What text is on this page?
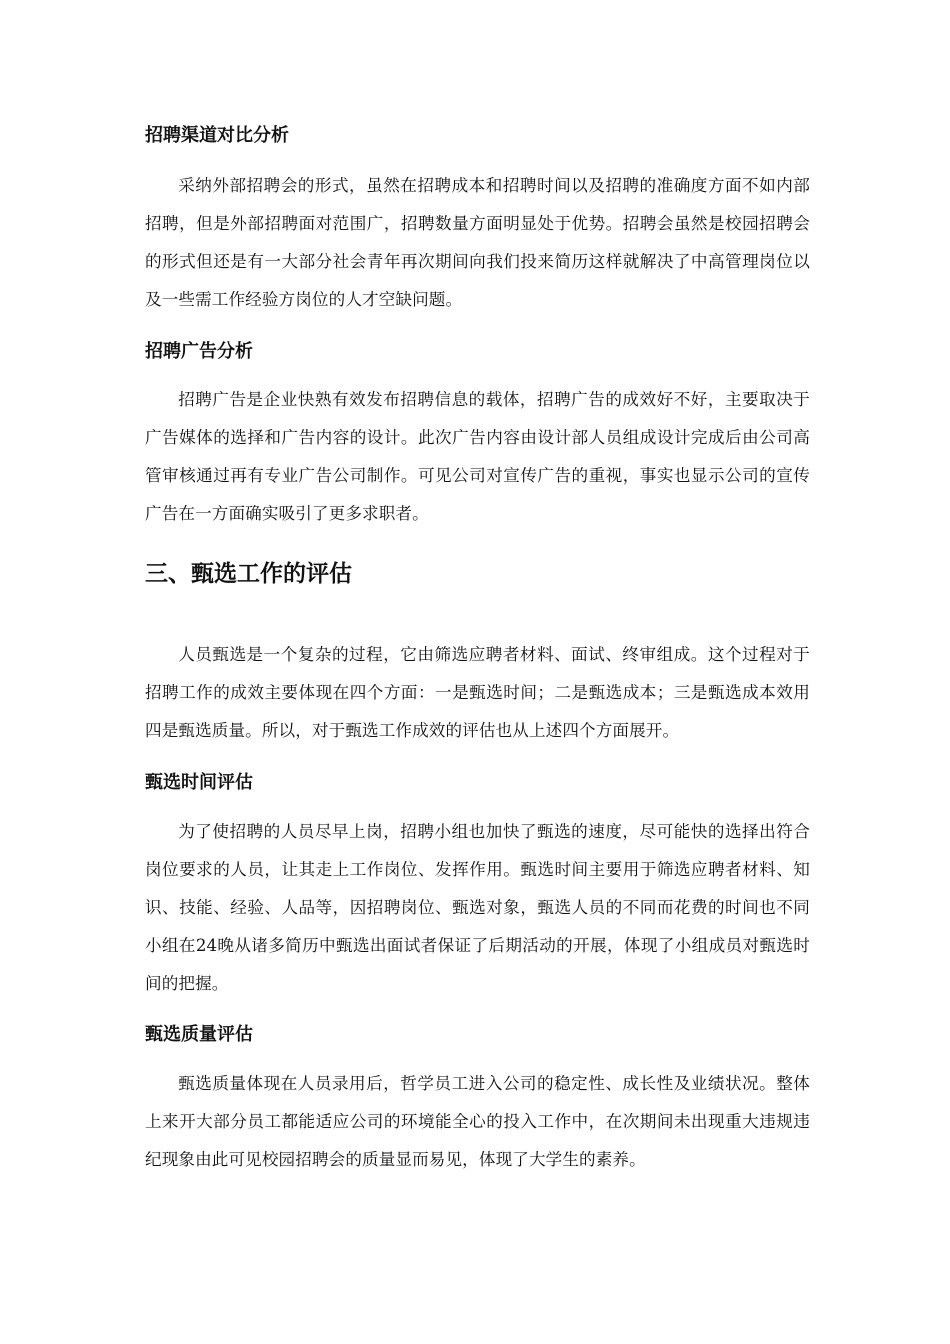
招聘渠道对比分析

采纳外部招聘会的形式，虽然在招聘成本和招聘时间以及招聘的准确度方面不如内部招聘，但是外部招聘面对范围广，招聘数量方面明显处于优势。招聘会虽然是校园招聘会的形式但还是有一大部分社会青年再次期间向我们投来简历这样就解决了中高管理岗位以及一些需工作经验方岗位的人才空缺问题。

招聘广告分析

招聘广告是企业快熟有效发布招聘信息的载体，招聘广告的成效好不好，主要取决于广告媒体的选择和广告内容的设计。此次广告内容由设计部人员组成设计完成后由公司高管审核通过再有专业广告公司制作。可见公司对宣传广告的重视，事实也显示公司的宣传广告在一方面确实吸引了更多求职者。

三、甄选工作的评估

人员甄选是一个复杂的过程，它由筛选应聘者材料、面试、终审组成。这个过程对于招聘工作的成效主要体现在四个方面：一是甄选时间；二是甄选成本；三是甄选成本效用四是甄选质量。所以，对于甄选工作成效的评估也从上述四个方面展开。

甄选时间评估

为了使招聘的人员尽早上岗，招聘小组也加快了甄选的速度，尽可能快的选择出符合岗位要求的人员，让其走上工作岗位、发挥作用。甄选时间主要用于筛选应聘者材料、知识、技能、经验、人品等，因招聘岗位、甄选对象，甄选人员的不同而花费的时间也不同小组在24晚从诸多简历中甄选出面试者保证了后期活动的开展，体现了小组成员对甄选时间的把握。

甄选质量评估

甄选质量体现在人员录用后，哲学员工进入公司的稳定性、成长性及业绩状况。整体上来开大部分员工都能适应公司的环境能全心的投入工作中，在次期间未出现重大违规违纪现象由此可见校园招聘会的质量显而易见，体现了大学生的素养。
